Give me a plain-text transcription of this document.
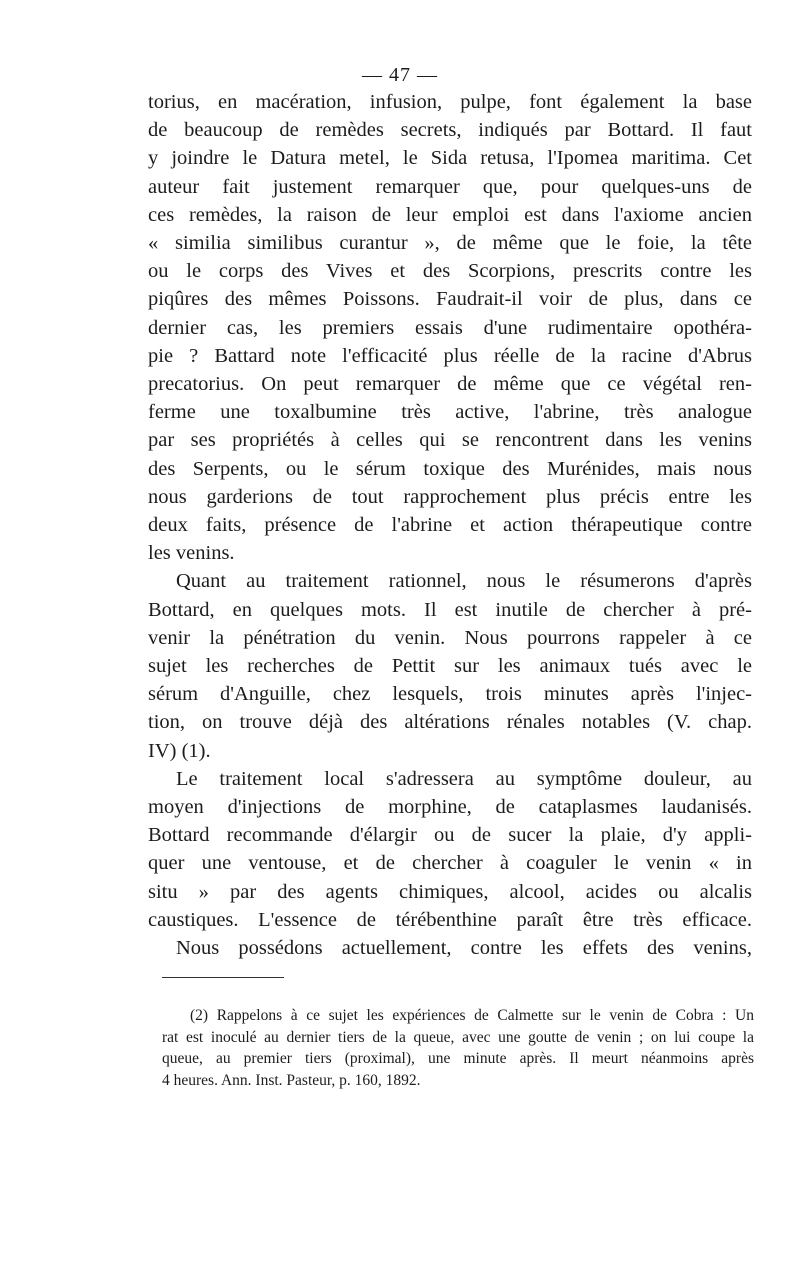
— 47 —
torius, en macération, infusion, pulpe, font également la base
de beaucoup de remèdes secrets, indiqués par Bottard. Il faut
y joindre le Datura metel, le Sida retusa, l'Ipomea maritima. Cet
auteur fait justement remarquer que, pour quelques-uns de
ces remèdes, la raison de leur emploi est dans l'axiome ancien
« similia similibus curantur », de même que le foie, la tête
ou le corps des Vives et des Scorpions, prescrits contre les
piqûres des mêmes Poissons. Faudrait-il voir de plus, dans ce
dernier cas, les premiers essais d'une rudimentaire opothéra-
pie ? Battard note l'efficacité plus réelle de la racine d'Abrus
precatorius. On peut remarquer de même que ce végétal ren-
ferme une toxalbumine très active, l'abrine, très analogue
par ses propriétés à celles qui se rencontrent dans les venins
des Serpents, ou le sérum toxique des Murénides, mais nous
nous garderions de tout rapprochement plus précis entre les
deux faits, présence de l'abrine et action thérapeutique contre
les venins.
Quant au traitement rationnel, nous le résumerons d'après
Bottard, en quelques mots. Il est inutile de chercher à pré-
venir la pénétration du venin. Nous pourrons rappeler à ce
sujet les recherches de Pettit sur les animaux tués avec le
sérum d'Anguille, chez lesquels, trois minutes après l'injec-
tion, on trouve déjà des altérations rénales notables (V. chap.
IV) (1).
Le traitement local s'adressera au symptôme douleur, au
moyen d'injections de morphine, de cataplasmes laudanisés.
Bottard recommande d'élargir ou de sucer la plaie, d'y appli-
quer une ventouse, et de chercher à coaguler le venin « in
situ » par des agents chimiques, alcool, acides ou alcalis
caustiques. L'essence de térébenthine paraît être très efficace.
Nous possédons actuellement, contre les effets des venins,
(2) Rappelons à ce sujet les expériences de Calmette sur le venin de Cobra : Un
rat est inoculé au dernier tiers de la queue, avec une goutte de venin ; on lui coupe la
queue, au premier tiers (proximal), une minute après. Il meurt néanmoins après
4 heures. Ann. Inst. Pasteur, p. 160, 1892.
